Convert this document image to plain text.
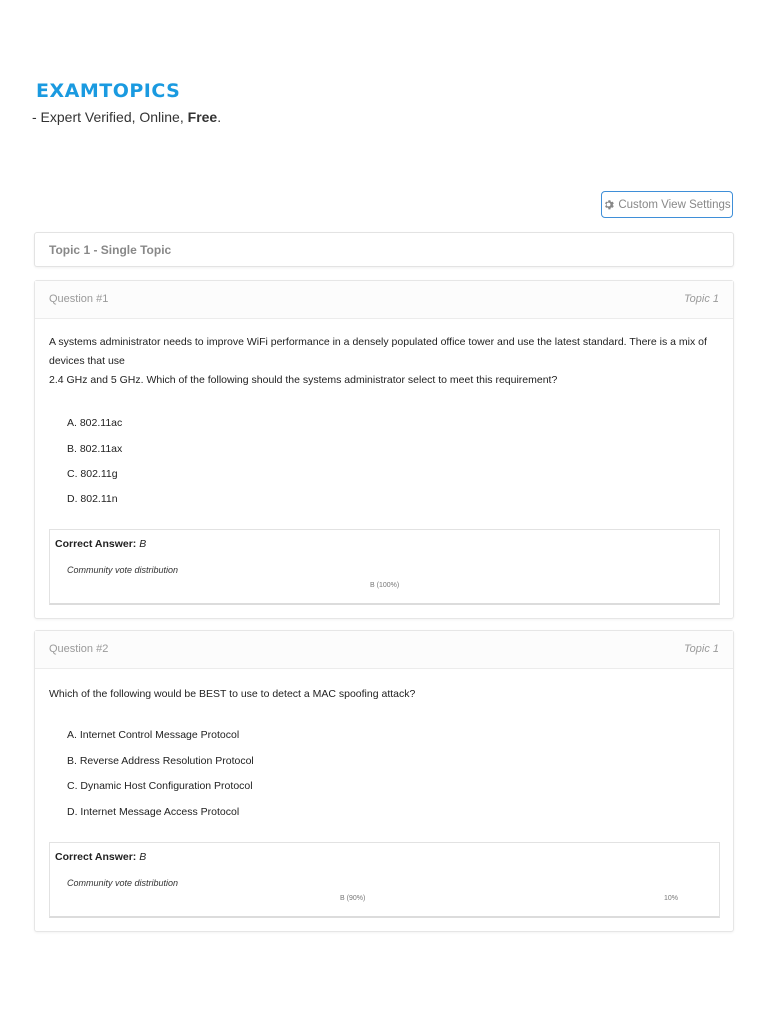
EXAMTOPICS
- Expert Verified, Online, Free.
Custom View Settings
Topic 1 - Single Topic
Question #1	Topic 1
A systems administrator needs to improve WiFi performance in a densely populated office tower and use the latest standard. There is a mix of
devices that use
2.4 GHz and 5 GHz. Which of the following should the systems administrator select to meet this requirement?
A. 802.11ac
B. 802.11ax
C. 802.11g
D. 802.11n
Correct Answer: B
Community vote distribution
B (100%)
Question #2	Topic 1
Which of the following would be BEST to use to detect a MAC spoofing attack?
A. Internet Control Message Protocol
B. Reverse Address Resolution Protocol
C. Dynamic Host Configuration Protocol
D. Internet Message Access Protocol
Correct Answer: B
Community vote distribution
B (90%)	10%
